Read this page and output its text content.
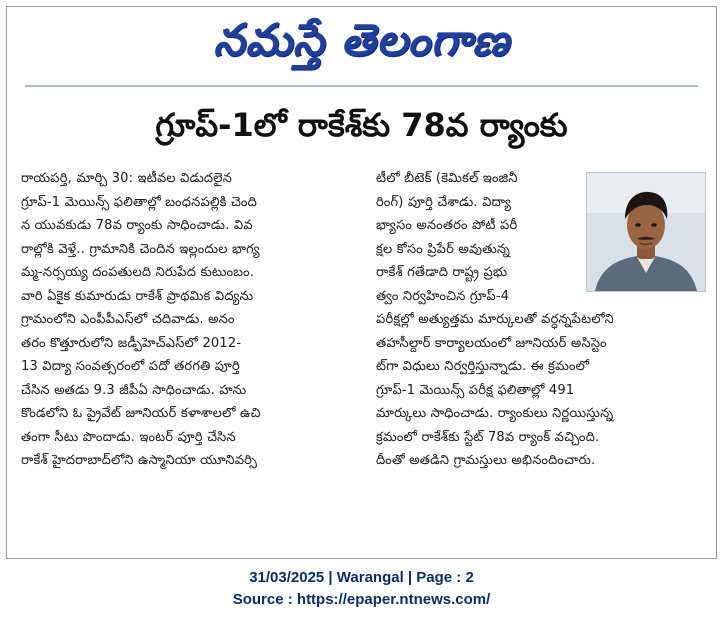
నమస్తే తెలంగాణ
గ్రూప్-1లో రాకేశ్‌కు 78వ ర్యాంకు
రాయపర్తి, మార్చి 30: ఇటీవల విడుదలైన
గ్రూప్-1 మెయిన్స్ ఫలితాల్లో బంధనపల్లికి చెంది
న యువకుడు 78వ ర్యాంకు సాధించాడు. వివ
రాల్లోకి వెళ్తే.. గ్రామానికి చెందిన ఇల్లందుల భాగ్య
మ్మ-నర్సయ్య దంపతులది నిరుపేద కుటుంబం.
వారి ఏకైక కుమారుడు రాకేశ్ ప్రాథమిక విద్యను
గ్రామంలోని ఎంపీపీఎస్‌లో చదివాడు. అనం
తరం కొత్తూరులోని జడ్పీహెచ్ఎస్‌లో 2012-
13 విద్యా సంవత్సరంలో పదో తరగతి పూర్తి
చేసిన అతడు 9.3 జీపీఏ సాధించాడు. హను
కొండలోని ఓ ప్రైవేట్ జూనియర్ కళాశాలలో ఉచి
తంగా సీటు పొందాడు. ఇంటర్ పూర్తి చేసిన
రాకేశ్ హైదరాబాద్‌లోని ఉస్మానియా యూనివర్సి
టీలో బీటెక్ (కెమికల్ ఇంజినీ
రింగ్) పూర్తి చేశాడు. విద్యా
భ్యాసం అనంతరం పోటీ పరీ
క్షల కోసం ప్రిపేర్ అవుతున్న
రాకేశ్ గతేడాది రాష్ట్ర ప్రభు
త్వం నిర్వహించిన గ్రూప్-4
పరీక్షల్లో అత్యుత్తమ మార్కులతో వర్ధన్నపేటలోని
తహసీల్దార్ కార్యాలయంలో జూనియర్ అసిస్టెం
ట్‌గా విధులు నిర్వర్తిస్తున్నాడు. ఈ క్రమంలో
గ్రూప్-1 మెయిన్స్ పరీక్ష ఫలితాల్లో 491
మార్కులు సాధించాడు. ర్యాంకులు నిర్ణయిస్తున్న
క్రమంలో రాకేశ్‌కు స్టేట్ 78వ ర్యాంక్ వచ్చింది.
దీంతో అతడిని గ్రామస్తులు అభినందించారు.
31/03/2025 | Warangal | Page : 2
Source : https://epaper.ntnews.com/
